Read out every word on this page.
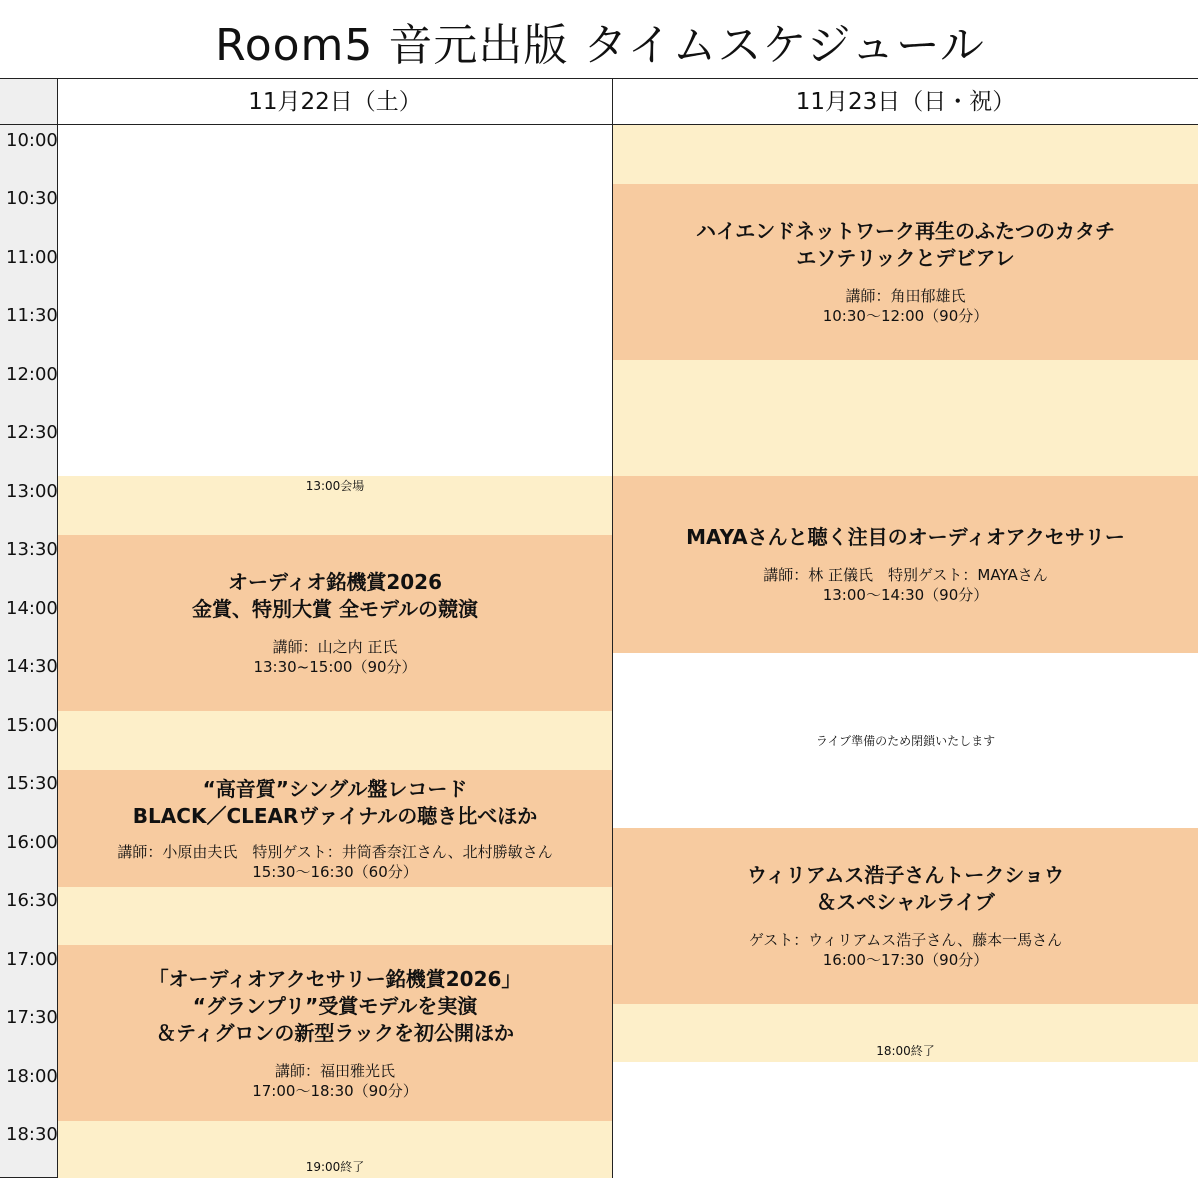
Room5 音元出版 タイムスケジュール
10:00
10:30
11:00
11:30
12:00
12:30
13:00
13:30
14:00
14:30
15:00
15:30
16:00
16:30
17:00
17:30
18:00
18:30
11月22日（土）	11月23日（日・祝）
13:00会場
オーディオ銘機賞2026
金賞、特別大賞 全モデルの競演
講師：山之内 正氏
13:30~15:00（90分）
“高音質”シングル盤レコード
BLACK／CLEARヴァイナルの聴き比べほか
講師：小原由夫氏　特別ゲスト：井筒香奈江さん、北村勝敏さん
15:30〜16:30（60分）
「オーディオアクセサリー銘機賞2026」
“グランプリ”受賞モデルを実演
＆ティグロンの新型ラックを初公開ほか
講師：福田雅光氏
17:00〜18:30（90分）
19:00終了
ハイエンドネットワーク再生のふたつのカタチ
エソテリックとデビアレ
講師：角田郁雄氏
10:30〜12:00（90分）
MAYAさんと聴く注目のオーディオアクセサリー
講師：林 正儀氏　特別ゲスト：MAYAさん
13:00〜14:30（90分）
ライブ準備のため閉鎖いたします
ウィリアムス浩子さんトークショウ
＆スペシャルライブ
ゲスト：ウィリアムス浩子さん、藤本一馬さん
16:00〜17:30（90分）
18:00終了
